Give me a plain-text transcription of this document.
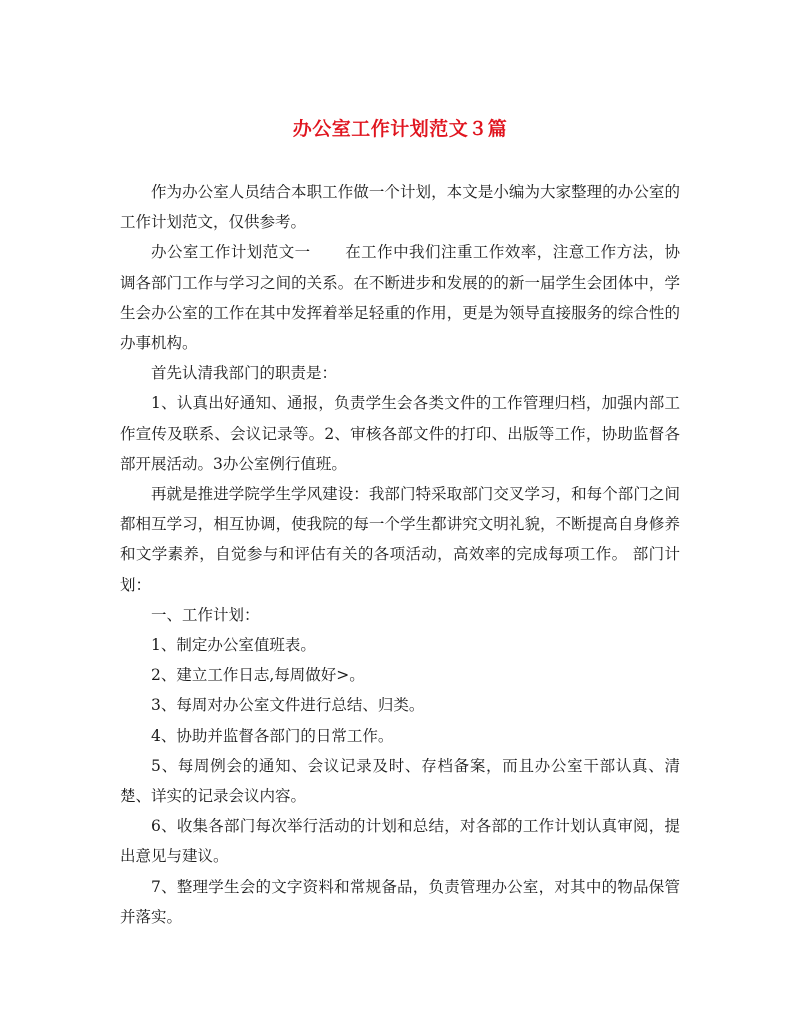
办公室工作计划范文３篇

作为办公室人员结合本职工作做一个计划，本文是小编为大家整理的办公室的工作计划范文，仅供参考。

办公室工作计划范文一 在工作中我们注重工作效率，注意工作方法，协调各部门工作与学习之间的关系。在不断进步和发展的的新一届学生会团体中，学生会办公室的工作在其中发挥着举足轻重的作用，更是为领导直接服务的综合性的办事机构。

首先认清我部门的职责是：

1、认真出好通知、通报，负责学生会各类文件的工作管理归档，加强内部工作宣传及联系、会议记录等。2、审核各部文件的打印、出版等工作，协助监督各部开展活动。3办公室例行值班。

再就是推进学院学生学风建设：我部门特采取部门交叉学习，和每个部门之间都相互学习，相互协调，使我院的每一个学生都讲究文明礼貌，不断提高自身修养和文学素养，自觉参与和评估有关的各项活动，高效率的完成每项工作。 部门计划：

一、工作计划：

1、制定办公室值班表。

2、建立工作日志,每周做好>。

3、每周对办公室文件进行总结、归类。

4、协助并监督各部门的日常工作。

5、每周例会的通知、会议记录及时、存档备案，而且办公室干部认真、清楚、详实的记录会议内容。

6、收集各部门每次举行活动的计划和总结，对各部的工作计划认真审阅，提出意见与建议。

7、整理学生会的文字资料和常规备品，负责管理办公室，对其中的物品保管并落实。
